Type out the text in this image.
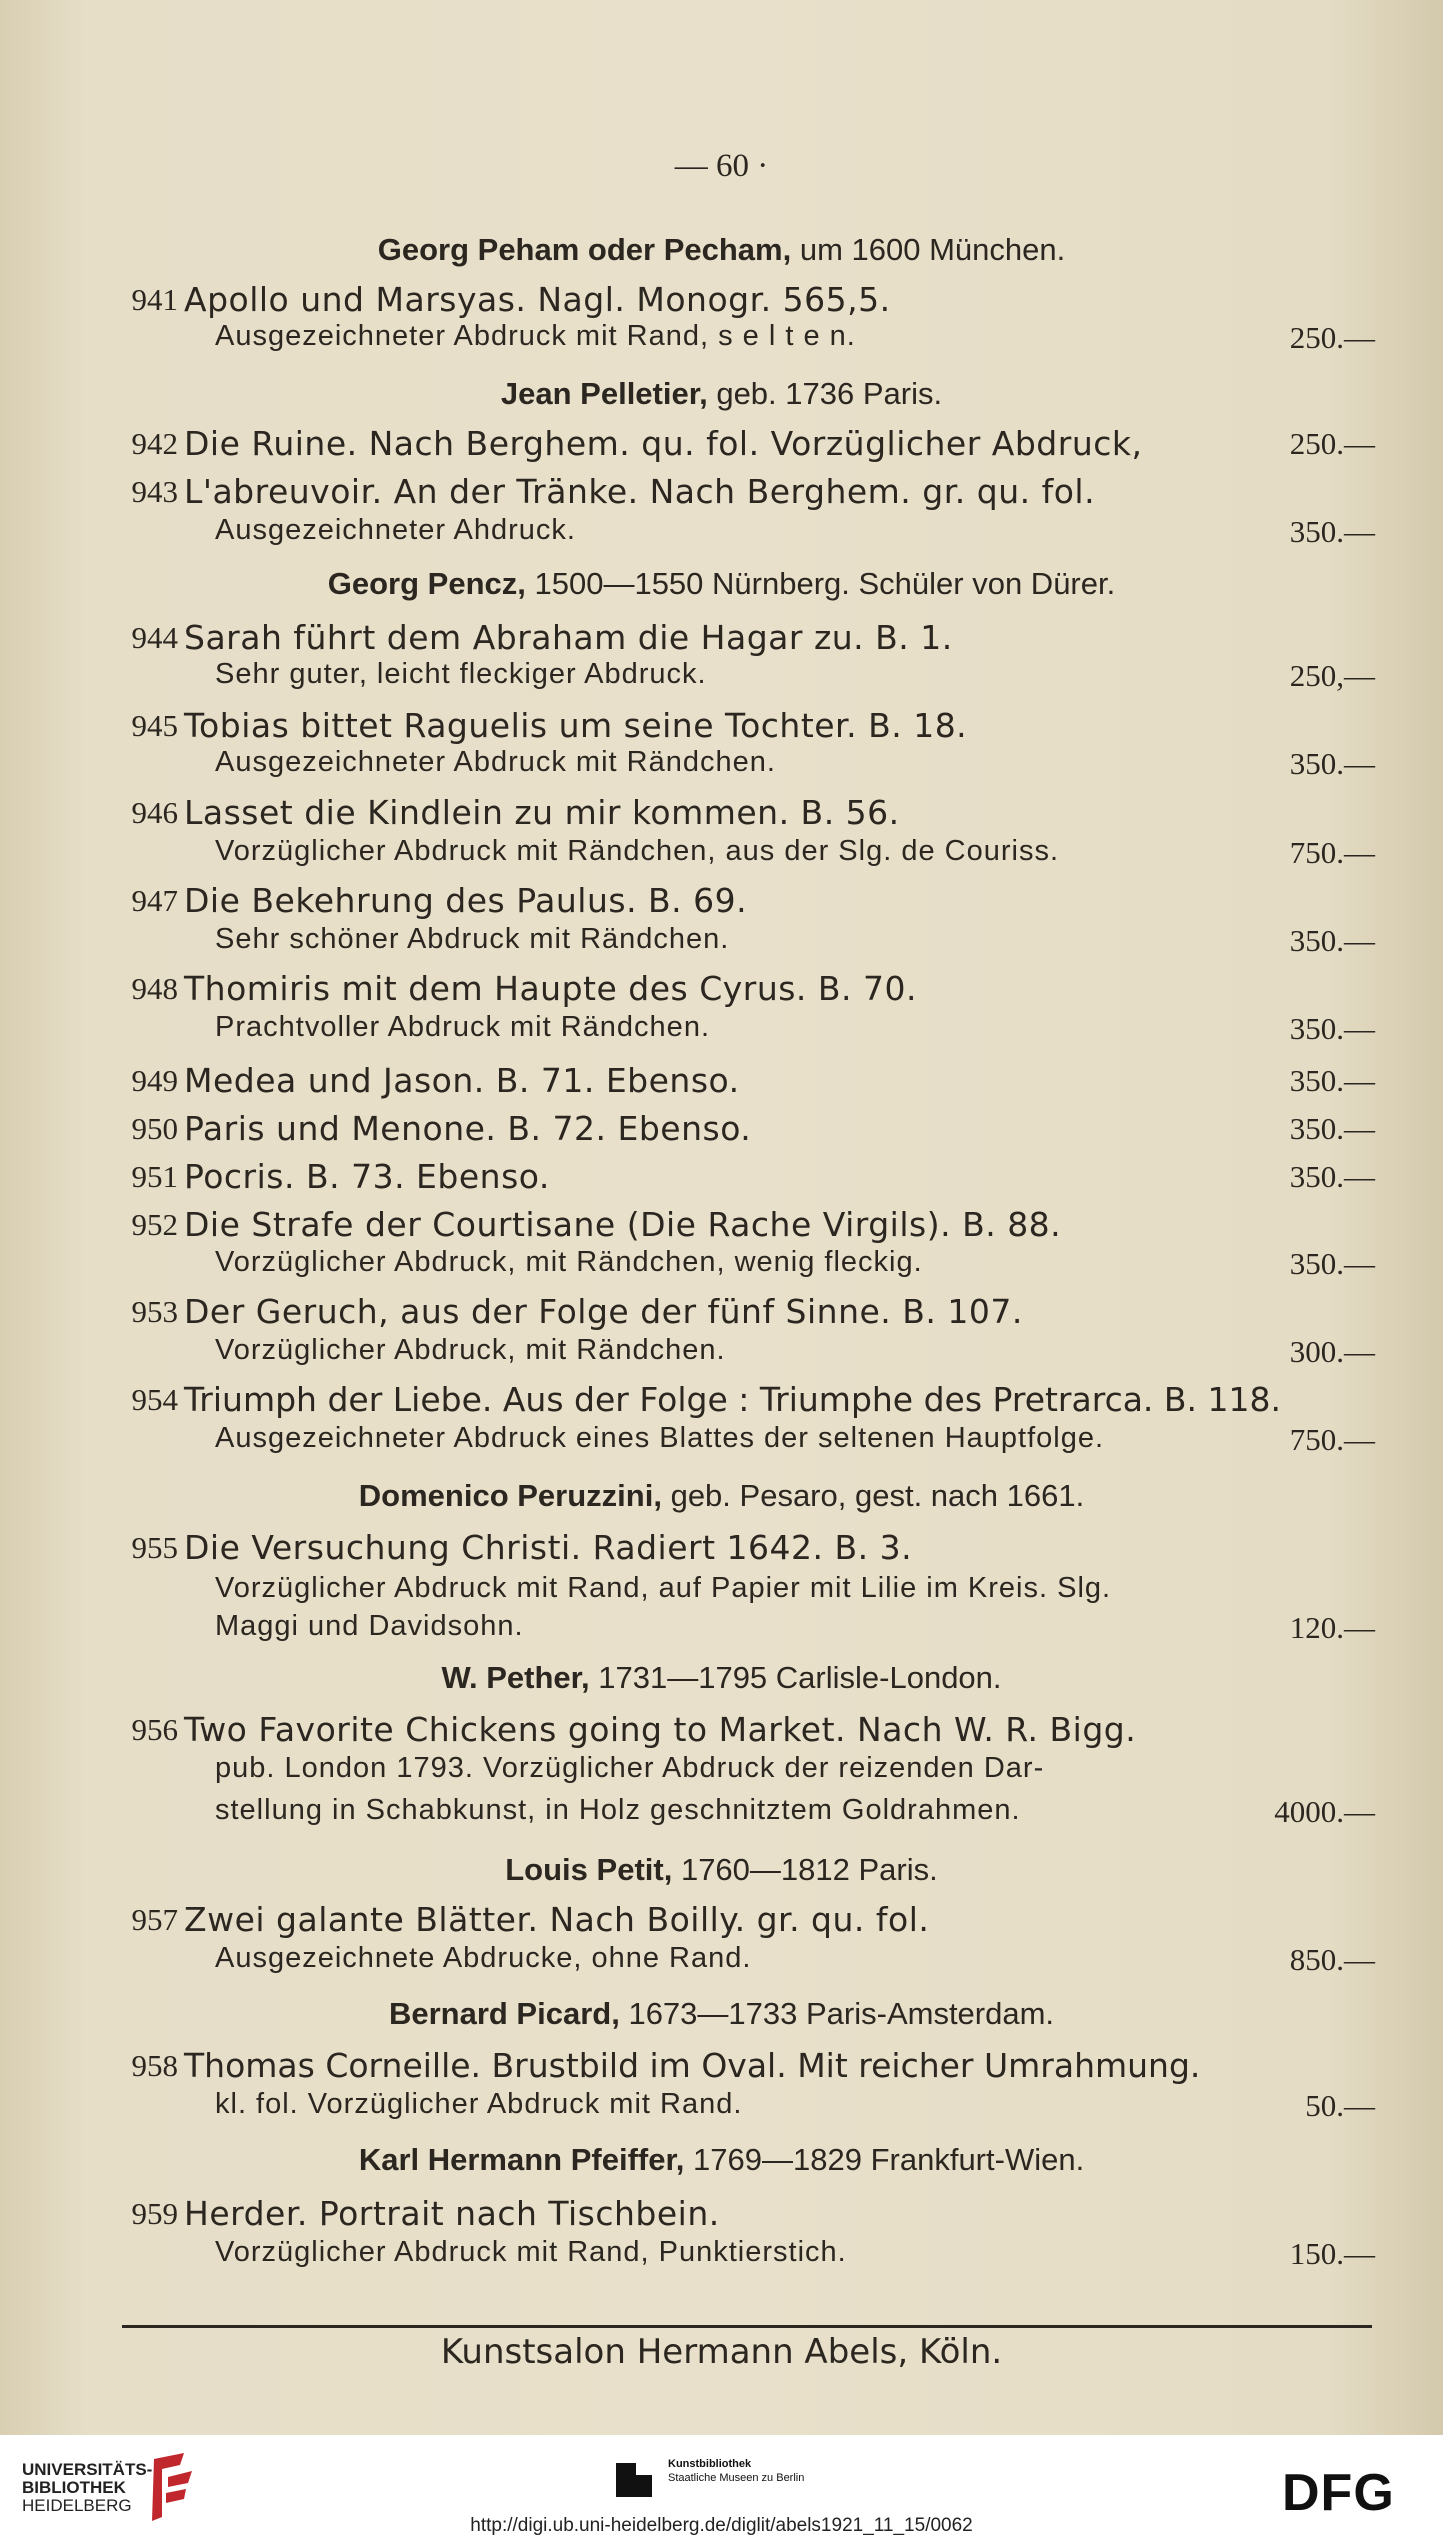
— 60 ·
Georg Peham oder Pecham, um 1600 München.
941 Apollo und Marsyas. Nagl. Monogr. 565,5.
Ausgezeichneter Abdruck mit Rand, s e l t e n.	250.—
Jean Pelletier, geb. 1736 Paris.
942 Die Ruine. Nach Berghem. qu. fol. Vorzüglicher Abdruck,	250.—
943 L'abreuvoir. An der Tränke. Nach Berghem. gr. qu. fol.
Ausgezeichneter Ahdruck.	350.—
Georg Pencz, 1500—1550 Nürnberg. Schüler von Dürer.
944 Sarah führt dem Abraham die Hagar zu. B. 1.
Sehr guter, leicht fleckiger Abdruck.	250,—
945 Tobias bittet Raguelis um seine Tochter. B. 18.
Ausgezeichneter Abdruck mit Rändchen.	350.—
946 Lasset die Kindlein zu mir kommen. B. 56.
Vorzüglicher Abdruck mit Rändchen, aus der Slg. de Couriss.	750.—
947 Die Bekehrung des Paulus. B. 69.
Sehr schöner Abdruck mit Rändchen.	350.—
948 Thomiris mit dem Haupte des Cyrus. B. 70.
Prachtvoller Abdruck mit Rändchen.	350.—
949 Medea und Jason. B. 71. Ebenso.	350.—
950 Paris und Menone. B. 72. Ebenso.	350.—
951 Pocris. B. 73. Ebenso.	350.—
952 Die Strafe der Courtisane (Die Rache Virgils). B. 88.
Vorzüglicher Abdruck, mit Rändchen, wenig fleckig.	350.—
953 Der Geruch, aus der Folge der fünf Sinne. B. 107.
Vorzüglicher Abdruck, mit Rändchen.	300.—
954 Triumph der Liebe. Aus der Folge : Triumphe des Pretrarca. B. 118.
Ausgezeichneter Abdruck eines Blattes der seltenen Hauptfolge.	750.—
Domenico Peruzzini, geb. Pesaro, gest. nach 1661.
955 Die Versuchung Christi. Radiert 1642. B. 3.
Vorzüglicher Abdruck mit Rand, auf Papier mit Lilie im Kreis. Slg.
Maggi und Davidsohn.	120.—
W. Pether, 1731—1795 Carlisle-London.
956 Two Favorite Chickens going to Market. Nach W. R. Bigg.
pub. London 1793. Vorzüglicher Abdruck der reizenden Dar-
stellung in Schabkunst, in Holz geschnitztem Goldrahmen.	4000.—
Louis Petit, 1760—1812 Paris.
957 Zwei galante Blätter. Nach Boilly. gr. qu. fol.
Ausgezeichnete Abdrucke, ohne Rand.	850.—
Bernard Picard, 1673—1733 Paris-Amsterdam.
958 Thomas Corneille. Brustbild im Oval. Mit reicher Umrahmung.
kl. fol. Vorzüglicher Abdruck mit Rand.	50.—
Karl Hermann Pfeiffer, 1769—1829 Frankfurt-Wien.
959 Herder. Portrait nach Tischbein.
Vorzüglicher Abdruck mit Rand, Punktierstich.	150.—
Kunstsalon Hermann Abels, Köln.
UNIVERSITÄTS-
BIBLIOTHEK
HEIDELBERG
Kunstbibliothek
Staatliche Museen zu Berlin	DFG
http://digi.ub.uni-heidelberg.de/diglit/abels1921_11_15/0062
